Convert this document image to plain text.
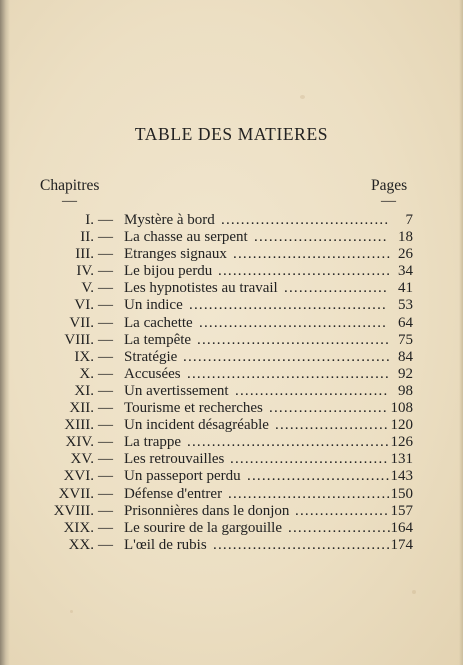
TABLE DES MATIERES
Chapitres	Pages
—	—
I. — Mystère à bord .................................. 7
II. — La chasse au serpent ........................... 18
III. — Etranges signaux ................................ 26
IV. — Le bijou perdu ................................... 34
V. — Les hypnotistes au travail ..................... 41
VI. — Un indice ........................................ 53
VII. — La cachette ...................................... 64
VIII. — La tempête ....................................... 75
IX. — Stratégie .......................................... 84
X. — Accusées ......................................... 92
XI. — Un avertissement ............................... 98
XII. — Tourisme et recherches ........................ 108
XIII. — Un incident désagréable ....................... 120
XIV. — La trappe ......................................... 126
XV. — Les retrouvailles ................................ 131
XVI. — Un passeport perdu ............................. 143
XVII. — Défense d'entrer ................................. 150
XVIII. — Prisonnières dans le donjon ................... 157
XIX. — Le sourire de la gargouille .....................
164
XX. — L'œil de rubis .................................... 174
